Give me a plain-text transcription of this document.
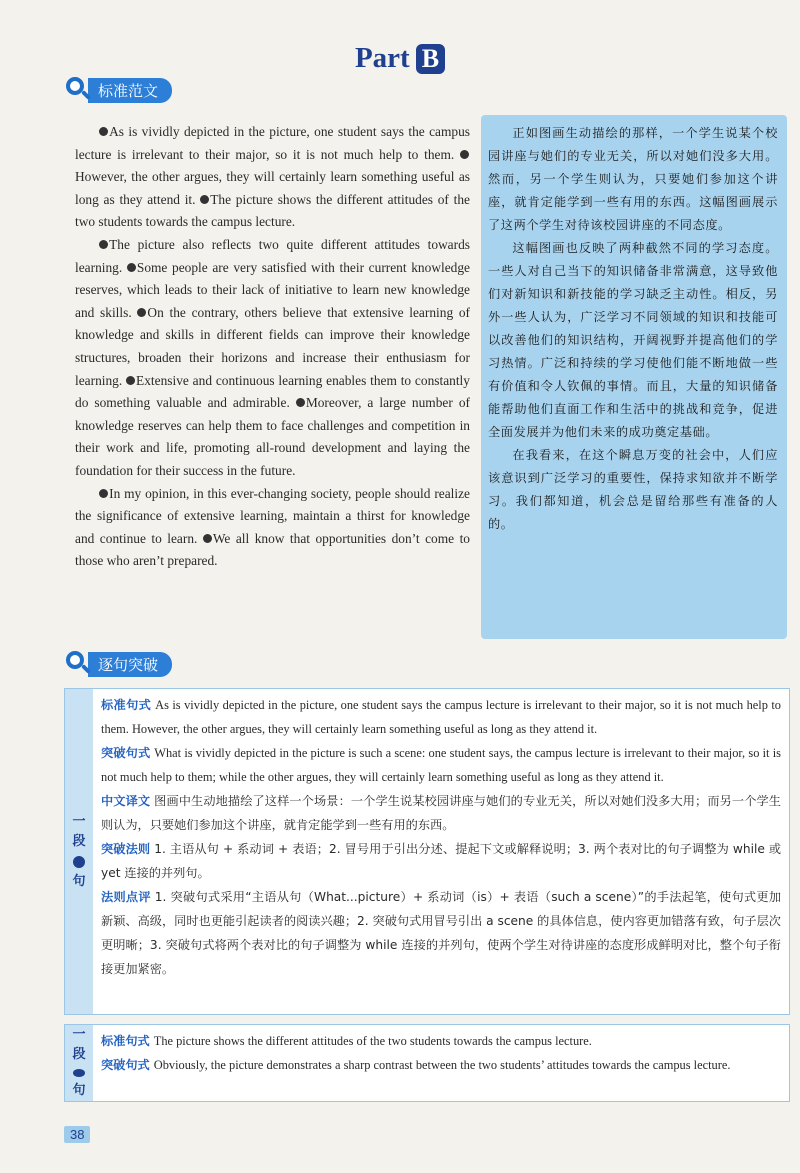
Part B
标准范文

As is vividly depicted in the picture, one student says the campus lecture is irrelevant to their major, so it is not much help to them. However, the other argues, they will certainly learn something useful as long as they attend it. The picture shows the different attitudes of the two students towards the campus lecture.

The picture also reflects two quite different attitudes towards learning. Some people are very satisfied with their current knowledge reserves, which leads to their lack of initiative to learn new knowledge and skills. On the contrary, others believe that extensive learning of knowledge and skills in different fields can improve their knowledge structures, broaden their horizons and increase their enthusiasm for learning. Extensive and continuous learning enables them to constantly do something valuable and admirable. Moreover, a large number of knowledge reserves can help them to face challenges and competition in their work and life, promoting all-round development and laying the foundation for their success in the future.

In my opinion, in this ever-changing society, people should realize the significance of extensive learning, maintain a thirst for knowledge and continue to learn. We all know that opportunities don’t come to those who aren’t prepared.

正如图画生动描绘的那样，一个学生说某个校园讲座与她们的专业无关，所以对她们没多大用。然而，另一个学生则认为，只要她们参加这个讲座，就肯定能学到一些有用的东西。这幅图画展示了这两个学生对待该校园讲座的不同态度。

这幅图画也反映了两种截然不同的学习态度。一些人对自己当下的知识储备非常满意，这导致他们对新知识和新技能的学习缺乏主动性。相反，另外一些人认为，广泛学习不同领域的知识和技能可以改善他们的知识结构，开阔视野并提高他们的学习热情。广泛和持续的学习使他们能不断地做一些有价值和令人钦佩的事情。而且，大量的知识储备能帮助他们直面工作和生活中的挑战和竞争，促进全面发展并为他们未来的成功奠定基础。

在我看来，在这个瞬息万变的社会中，人们应该意识到广泛学习的重要性，保持求知欲并不断学习。我们都知道，机会总是留给那些有准备的人的。

逐句突破
一
段
句
标准句式 As is vividly depicted in the picture, one student says the campus lecture is irrelevant to their major, so it is not much help to them. However, the other argues, they will certainly learn something useful as long as they attend it.
突破句式 What is vividly depicted in the picture is such a scene: one student says, the campus lecture is irrelevant to their major, so it is not much help to them; while the other argues, they will certainly learn something useful as long as they attend it.
中文译文 图画中生动地描绘了这样一个场景：一个学生说某校园讲座与她们的专业无关，所以对她们没多大用；而另一个学生则认为，只要她们参加这个讲座，就肯定能学到一些有用的东西。
突破法则 1. 主语从句 + 系动词 + 表语；2. 冒号用于引出分述、提起下文或解释说明；3. 两个表对比的句子调整为 while 或 yet 连接的并列句。
法则点评 1. 突破句式采用“主语从句（What...picture）+ 系动词（is）+ 表语（such a scene）”的手法起笔，使句式更加新颖、高级，同时也更能引起读者的阅读兴趣；2. 突破句式用冒号引出 a scene 的具体信息，使内容更加错落有致，句子层次更明晰；3. 突破句式将两个表对比的句子调整为 while 连接的并列句，使两个学生对待讲座的态度形成鲜明对比，整个句子衔接更加紧密。
一
段
句
标准句式 The picture shows the different attitudes of the two students towards the campus lecture.
突破句式 Obviously, the picture demonstrates a sharp contrast between the two students’ attitudes towards the campus lecture.
38
